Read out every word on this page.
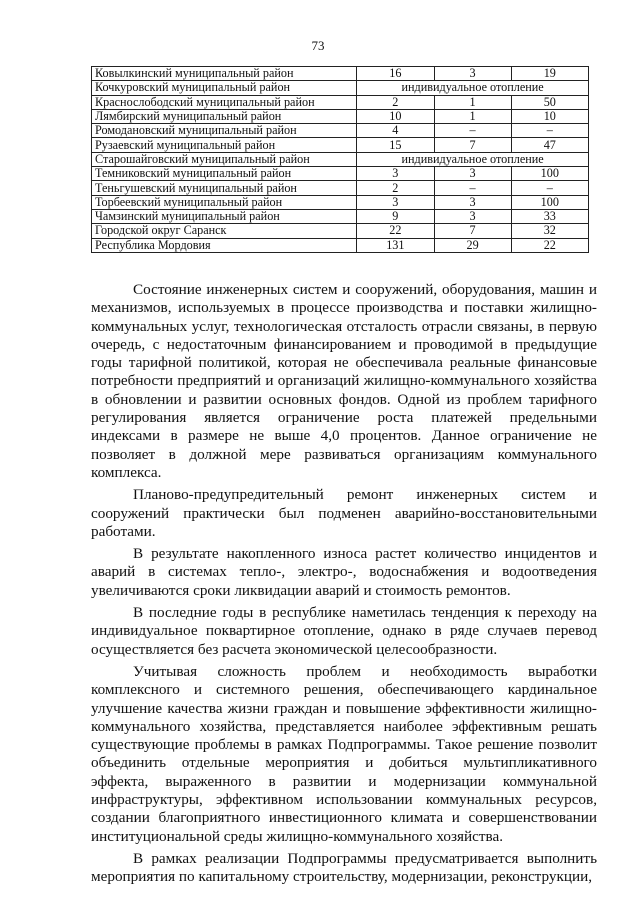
73
Ковылкинский муниципальный район	16	3	19
Кочкуровский муниципальный район	индивидуальное отопление		
Краснослободский муниципальный район	2	1	50
Лямбирский муниципальный район	10	1	10
Ромодановский муниципальный район	4	–	–
Рузаевский муниципальный район	15	7	47
Старошайговский муниципальный район	индивидуальное отопление		
Темниковский муниципальный район	3	3	100
Теньгушевский муниципальный район	2	–	–
Торбеевский муниципальный район	3	3	100
Чамзинский муниципальный район	9	3	33
Городской округ Саранск	22	7	32
Республика Мордовия	131	29	22

Состояние инженерных систем и сооружений, оборудования, машин и механизмов, используемых в процессе производства и поставки жилищно-коммунальных услуг, технологическая отсталость отрасли связаны, в первую очередь, с недостаточным финансированием и проводимой в предыдущие годы тарифной политикой, которая не обеспечивала реальные финансовые потребности предприятий и организаций жилищно-коммунального хозяйства в обновлении и развитии основных фондов. Одной из проблем тарифного регулирования является ограничение роста платежей предельными индексами в размере не выше 4,0 процентов. Данное ограничение не позволяет в должной мере развиваться организациям коммунального комплекса.

Планово-предупредительный ремонт инженерных систем и сооружений практически был подменен аварийно-восстановительными работами.

В результате накопленного износа растет количество инцидентов и аварий в системах тепло-, электро-, водоснабжения и водоотведения увеличиваются сроки ликвидации аварий и стоимость ремонтов.

В последние годы в республике наметилась тенденция к переходу на индивидуальное поквартирное отопление, однако в ряде случаев перевод осуществляется без расчета экономической целесообразности.

Учитывая сложность проблем и необходимость выработки комплексного и системного решения, обеспечивающего кардинальное улучшение качества жизни граждан и повышение эффективности жилищно-коммунального хозяйства, представляется наиболее эффективным решать существующие проблемы в рамках Подпрограммы. Такое решение позволит объединить отдельные мероприятия и добиться мультипликативного эффекта, выраженного в развитии и модернизации коммунальной инфраструктуры, эффективном использовании коммунальных ресурсов, создании благоприятного инвестиционного климата и совершенствовании институциональной среды жилищно-коммунального хозяйства.

В рамках реализации Подпрограммы предусматривается выполнить мероприятия по капитальному строительству, модернизации, реконструкции,
